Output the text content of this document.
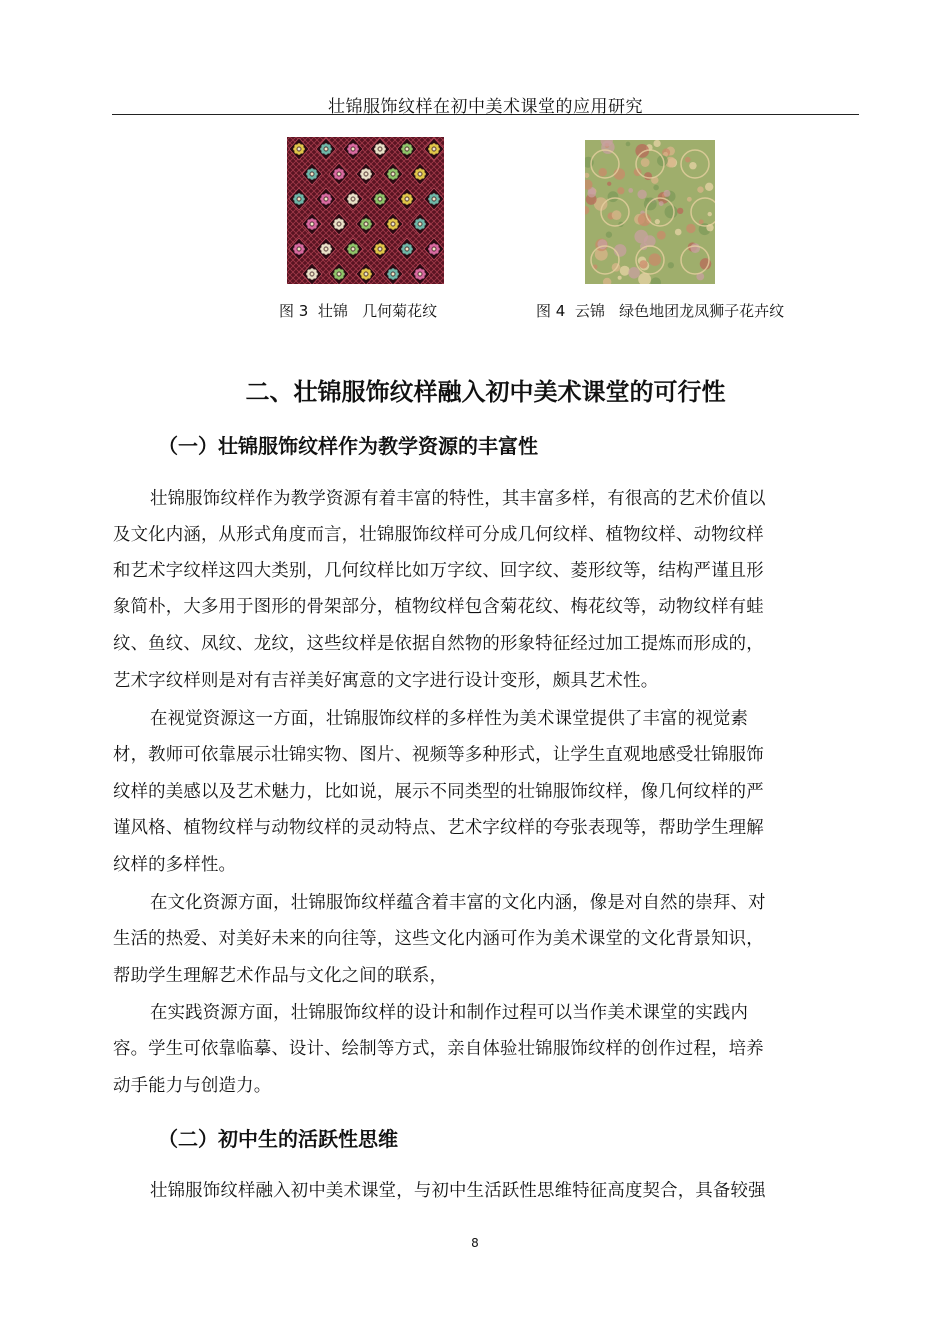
壮锦服饰纹样在初中美术课堂的应用研究
图 3  壮锦   几何菊花纹	图 4  云锦   绿色地团龙凤狮子花卉纹
二、壮锦服饰纹样融入初中美术课堂的可行性
（一）壮锦服饰纹样作为教学资源的丰富性
壮锦服饰纹样作为教学资源有着丰富的特性，其丰富多样，有很高的艺术价值以
及文化内涵，从形式角度而言，壮锦服饰纹样可分成几何纹样、植物纹样、动物纹样
和艺术字纹样这四大类别，几何纹样比如万字纹、回字纹、菱形纹等，结构严谨且形
象简朴，大多用于图形的骨架部分，植物纹样包含菊花纹、梅花纹等，动物纹样有蛙
纹、鱼纹、凤纹、龙纹，这些纹样是依据自然物的形象特征经过加工提炼而形成的，
艺术字纹样则是对有吉祥美好寓意的文字进行设计变形，颇具艺术性。
在视觉资源这一方面，壮锦服饰纹样的多样性为美术课堂提供了丰富的视觉素
材，教师可依靠展示壮锦实物、图片、视频等多种形式，让学生直观地感受壮锦服饰
纹样的美感以及艺术魅力，比如说，展示不同类型的壮锦服饰纹样，像几何纹样的严
谨风格、植物纹样与动物纹样的灵动特点、艺术字纹样的夸张表现等，帮助学生理解
纹样的多样性。
在文化资源方面，壮锦服饰纹样蕴含着丰富的文化内涵，像是对自然的崇拜、对
生活的热爱、对美好未来的向往等，这些文化内涵可作为美术课堂的文化背景知识，
帮助学生理解艺术作品与文化之间的联系，
在实践资源方面，壮锦服饰纹样的设计和制作过程可以当作美术课堂的实践内
容。学生可依靠临摹、设计、绘制等方式，亲自体验壮锦服饰纹样的创作过程，培养
动手能力与创造力。
（二）初中生的活跃性思维
壮锦服饰纹样融入初中美术课堂，与初中生活跃性思维特征高度契合，具备较强
8
